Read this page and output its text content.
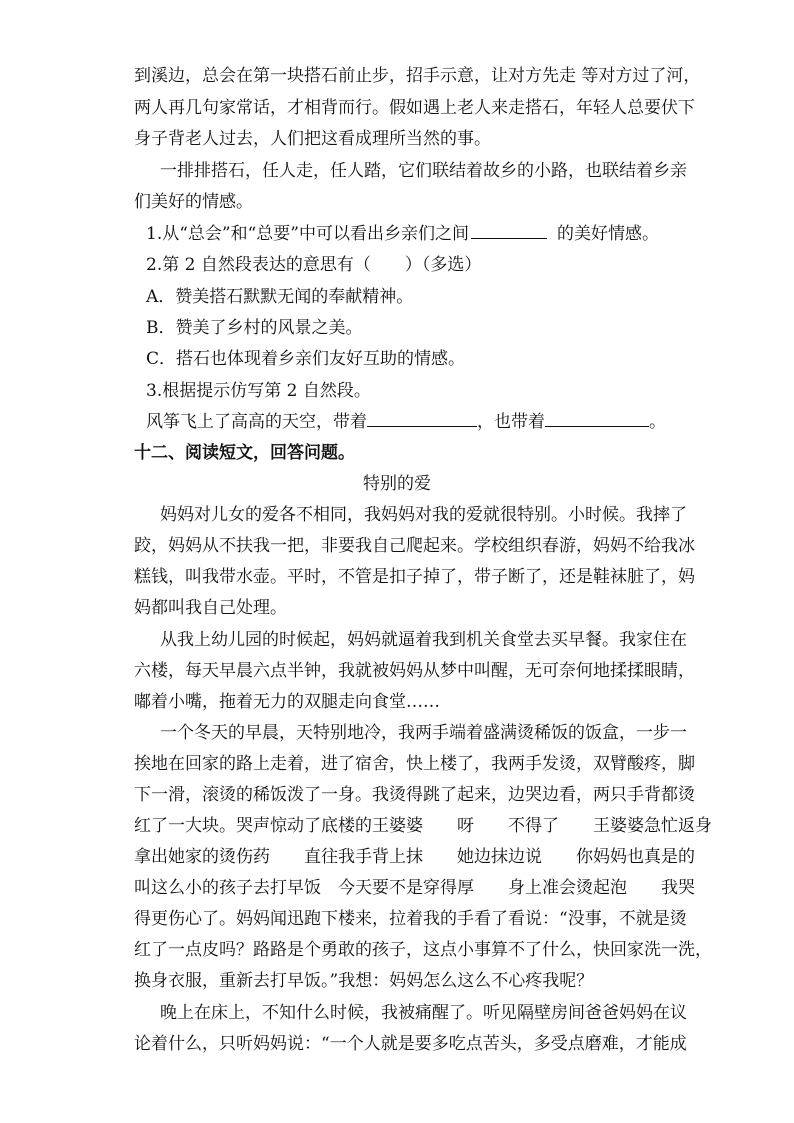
到溪边，总会在第一块搭石前止步，招手示意，让对方先走 等对方过了河，
两人再几句家常话，才相背而行。假如遇上老人来走搭石，年轻人总要伏下
身子背老人过去，人们把这看成理所当然的事。
一排排搭石，任人走，任人踏，它们联结着故乡的小路，也联结着乡亲
们美好的情感。
1.从“总会”和“总要”中可以看出乡亲们之间	的美好情感。
2.第 2 自然段表达的意思有（　　）（多选）
A．赞美搭石默默无闻的奉献精神。
B．赞美了乡村的风景之美。
C．搭石也体现着乡亲们友好互助的情感。
3.根据提示仿写第 2 自然段。
风筝飞上了高高的天空，带着	，也带着	。
十二、阅读短文，回答问题。
特别的爱
妈妈对儿女的爱各不相同，我妈妈对我的爱就很特别。小时候。我摔了
跤，妈妈从不扶我一把，非要我自己爬起来。学校组织春游，妈妈不给我冰
糕钱，叫我带水壶。平时，不管是扣子掉了，带子断了，还是鞋袜脏了，妈
妈都叫我自己处理。
从我上幼儿园的时候起，妈妈就逼着我到机关食堂去买早餐。我家住在
六楼，每天早晨六点半钟，我就被妈妈从梦中叫醒，无可奈何地揉揉眼睛，
嘟着小嘴，拖着无力的双腿走向食堂……
一个冬天的早晨，天特别地冷，我两手端着盛满烫稀饭的饭盒，一步一
挨地在回家的路上走着，进了宿舍，快上楼了，我两手发烫，双臂酸疼，脚
下一滑，滚烫的稀饭泼了一身。我烫得跳了起来，边哭边看，两只手背都烫
红了一大块。哭声惊动了底楼的王婆婆　　呀　　不得了　　王婆婆急忙返身
拿出她家的烫伤药　　直往我手背上抹　　她边抹边说　　你妈妈也真是的
叫这么小的孩子去打早饭　今天要不是穿得厚　　身上准会烫起泡　　我哭
得更伤心了。妈妈闻迅跑下楼来，拉着我的手看了看说：“没事，不就是烫
红了一点皮吗？路路是个勇敢的孩子，这点小事算不了什么，快回家洗一洗，
换身衣服，重新去打早饭。”我想：妈妈怎么这么不心疼我呢？
晚上在床上，不知什么时候，我被痛醒了。听见隔壁房间爸爸妈妈在议
论着什么，只听妈妈说：“一个人就是要多吃点苦头，多受点磨难，才能成
